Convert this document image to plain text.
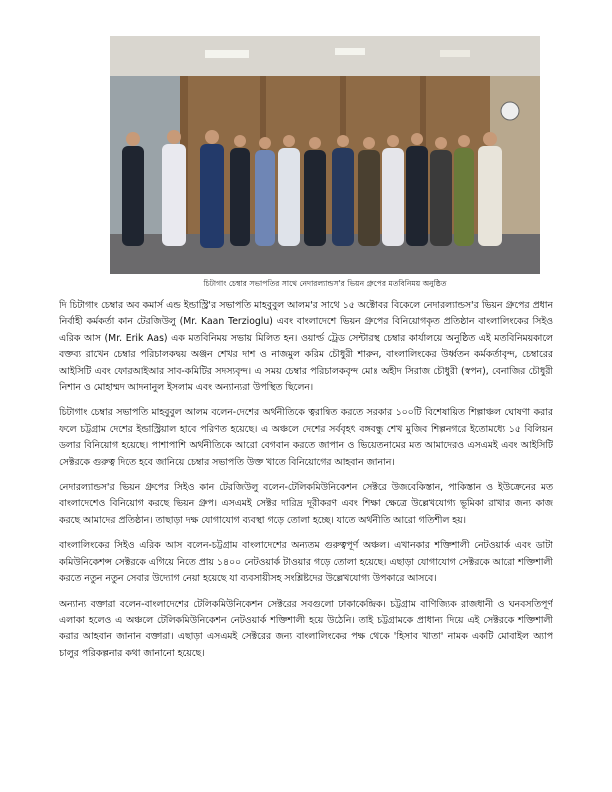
চিটাগাং চেম্বার সভাপতির সাথে নেদারল্যান্ডস'র ভিয়ন গ্রুপের মতবিনিময় অনুষ্ঠিত

দি চিটাগাং চেম্বার অব কমার্স এন্ড ইন্ডাস্ট্রি'র সভাপতি মাহবুবুল আলম'র সাথে ১৫ অক্টোবর বিকেলে নেদারল্যান্ডস'র ভিয়ন গ্রুপের প্রধান নির্বাহী কর্মকর্তা কান টেরজিউলু (Mr. Kaan Terzioglu) এবং বাংলাদেশে ভিয়ন গ্রুপের বিনিয়োগকৃত প্রতিষ্ঠান বাংলালিংকের সিইও এরিক আস (Mr. Erik Aas) এক মতবিনিময় সভায় মিলিত হন। ওয়ার্ল্ড ট্রেড সেন্টারস্থ চেম্বার কার্যালয়ে অনুষ্ঠিত এই মতবিনিময়কালে বক্তব্য রাখেন চেম্বার পরিচালকদ্বয় অঞ্জন শেখর দাশ ও নাজমুল করিম চৌধুরী শারুন, বাংলালিংকের উর্ধ্বতন কর্মকর্তাবৃন্দ, চেম্বারের আইসিটি এবং ফোরআইআর সাব-কমিটির সদস্যবৃন্দ। এ সময় চেম্বার পরিচালকবৃন্দ মোঃ অহীদ সিরাজ চৌধুরী (স্বপন), বেনাজির চৌধুরী নিশান ও মোহাম্মদ আদনানুল ইসলাম এবং অন্যান্যরা উপস্থিত ছিলেন।

চিটাগাং চেম্বার সভাপতি মাহবুবুল আলম বলেন-দেশের অর্থনীতিকে ত্বরান্বিত করতে সরকার ১০০টি বিশেষায়িত শিল্পাঞ্চল ঘোষণা করার ফলে চট্টগ্রাম দেশের ইন্ডাস্ট্রিয়াল হাবে পরিণত হয়েছে। এ অঞ্চলে দেশের সর্ববৃহৎ বঙ্গবন্ধু শেখ মুজিব শিল্পনগরে ইতোমধ্যে ১৫ বিলিয়ন ডলার বিনিয়োগ হয়েছে। পাশাপাশি অর্থনীতিকে আরো বেগবান করতে জাপান ও ভিয়েতনামের মত আমাদেরও এসএমই এবং আইসিটি সেক্টরকে গুরুত্ব দিতে হবে জানিয়ে চেম্বার সভাপতি উক্ত খাতে বিনিয়োগের আহবান জানান।

নেদারল্যান্ডস'র ভিয়ন গ্রুপের সিইও কান টেরজিউলু বলেন-টেলিকমিউনিকেশন সেক্টরে উজবেকিস্তান, পাকিস্তান ও ইউক্রেনের মত বাংলাদেশেও বিনিয়োগ করছে ভিয়ন গ্রুপ। এসএমই সেক্টর দারিদ্র দূরীকরণ এবং শিক্ষা ক্ষেত্রে উল্লেখযোগ্য ভূমিকা রাখার জন্য কাজ করছে আমাদের প্রতিষ্ঠান। তাছাড়া দক্ষ যোগাযোগ ব্যবস্থা গড়ে তোলা হচ্ছে। যাতে অর্থনীতি আরো গতিশীল হয়।

বাংলালিংকের সিইও এরিক আস বলেন-চট্টগ্রাম বাংলাদেশের অন্যতম গুরুত্বপূর্ণ অঞ্চল। এখানকার শক্তিশালী নেটওয়ার্ক এবং ডাটা কমিউনিকেশন্স সেক্টরকে এগিয়ে নিতে প্রায় ১৪০০ নেটওয়ার্ক টাওয়ার গড়ে তোলা হয়েছে। এছাড়া যোগাযোগ সেক্টরকে আরো শক্তিশালী করতে নতুন নতুন সেবার উদ্যোগ নেয়া হয়েছে যা ব্যবসায়ীসহ সংশ্লিষ্টদের উল্লেখযোগ্য উপকারে আসবে।

অন্যান্য বক্তারা বলেন-বাংলাদেশের টেলিকমিউনিকেশন সেক্টরের সবগুলো ঢাকাকেন্দ্রিক। চট্টগ্রাম বাণিজ্যিক রাজধানী ও ঘনবসতিপূর্ণ এলাকা হলেও এ অঞ্চলে টেলিকমিউনিকেশন নেটওয়ার্ক শক্তিশালী হয়ে উঠেনি। তাই চট্টগ্রামকে প্রাধান্য দিয়ে এই সেক্টরকে শক্তিশালী করার আহবান জানান বক্তারা। এছাড়া এসএমই সেক্টরের জন্য বাংলালিংকের পক্ষ থেকে 'হিসাব খাতা' নামক একটি মোবাইল অ্যাপ চালুর পরিকল্পনার কথা জানানো হয়েছে।
